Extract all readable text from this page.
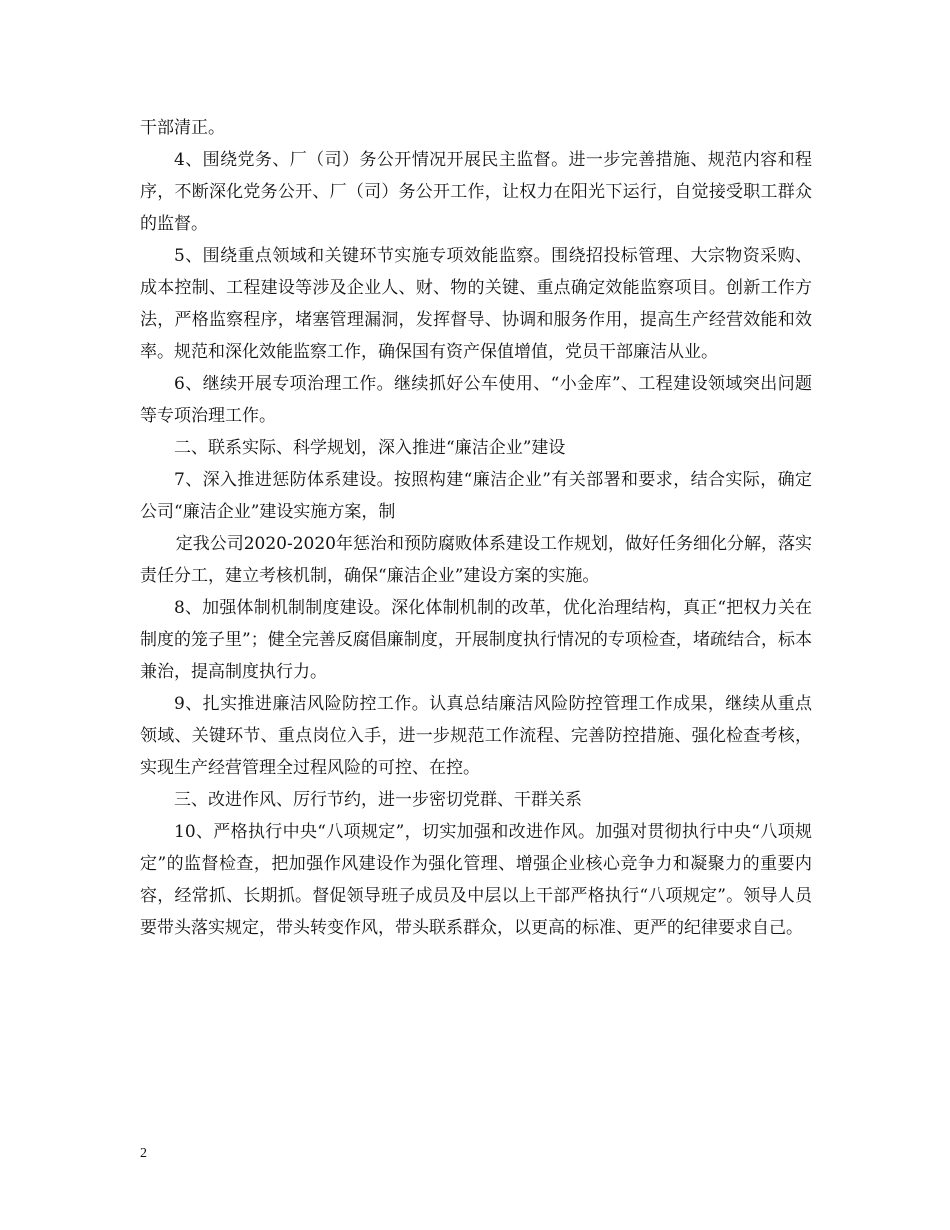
干部清正。

4、围绕党务、厂（司）务公开情况开展民主监督。进一步完善措施、规范内容和程序，不断深化党务公开、厂（司）务公开工作，让权力在阳光下运行，自觉接受职工群众的监督。

5、围绕重点领域和关键环节实施专项效能监察。围绕招投标管理、大宗物资采购、成本控制、工程建设等涉及企业人、财、物的关键、重点确定效能监察项目。创新工作方法，严格监察程序，堵塞管理漏洞，发挥督导、协调和服务作用，提高生产经营效能和效率。规范和深化效能监察工作，确保国有资产保值增值，党员干部廉洁从业。

6、继续开展专项治理工作。继续抓好公车使用、“小金库”、工程建设领域突出问题等专项治理工作。

二、联系实际、科学规划，深入推进“廉洁企业”建设

7、深入推进惩防体系建设。按照构建“廉洁企业”有关部署和要求，结合实际，确定公司“廉洁企业”建设实施方案，制

定我公司2020-2020年惩治和预防腐败体系建设工作规划，做好任务细化分解，落实责任分工，建立考核机制，确保“廉洁企业”建设方案的实施。

8、加强体制机制制度建设。深化体制机制的改革，优化治理结构，真正“把权力关在制度的笼子里”；健全完善反腐倡廉制度，开展制度执行情况的专项检查，堵疏结合，标本兼治，提高制度执行力。

9、扎实推进廉洁风险防控工作。认真总结廉洁风险防控管理工作成果，继续从重点领域、关键环节、重点岗位入手，进一步规范工作流程、完善防控措施、强化检查考核，实现生产经营管理全过程风险的可控、在控。

三、改进作风、厉行节约，进一步密切党群、干群关系

10、严格执行中央“八项规定”，切实加强和改进作风。加强对贯彻执行中央“八项规定”的监督检查，把加强作风建设作为强化管理、增强企业核心竞争力和凝聚力的重要内容，经常抓、长期抓。督促领导班子成员及中层以上干部严格执行“八项规定”。领导人员要带头落实规定，带头转变作风，带头联系群众，以更高的标准、更严的纪律要求自己。

2
